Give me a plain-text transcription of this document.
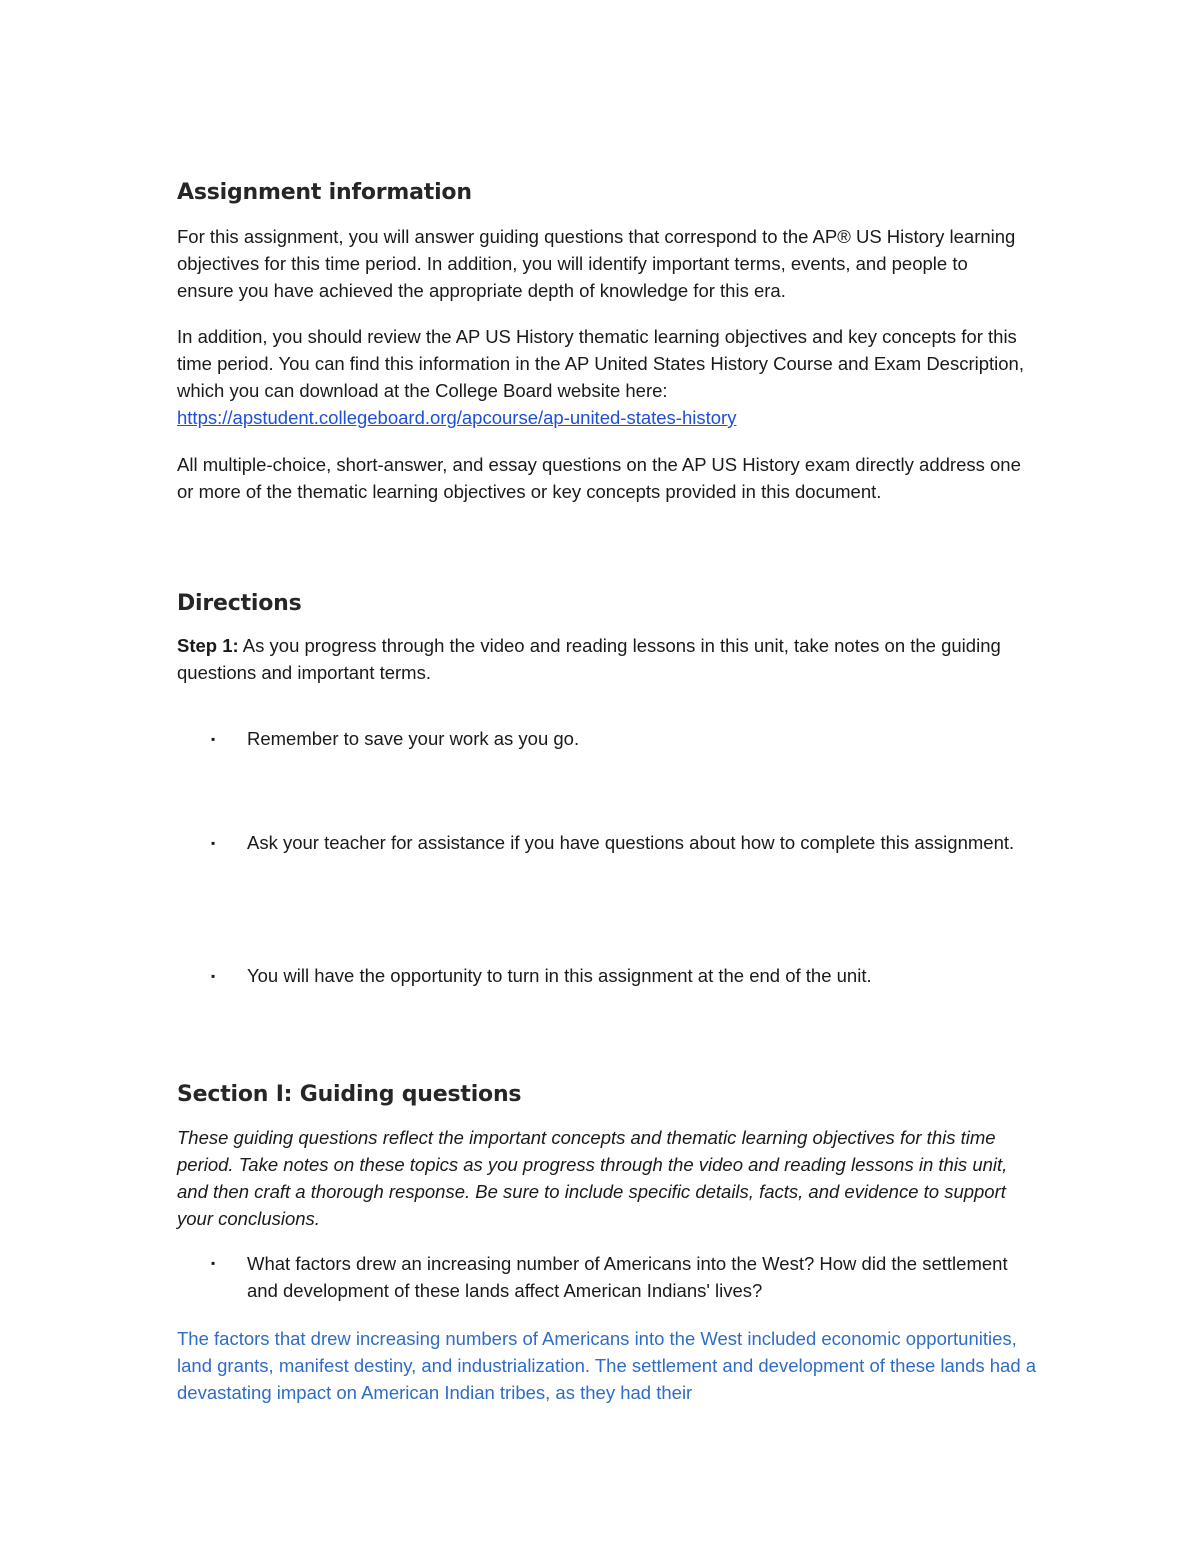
Assignment information

For this assignment, you will answer guiding questions that correspond to the AP® US History learning objectives for this time period. In addition, you will identify important terms, events, and people to ensure you have achieved the appropriate depth of knowledge for this era.

In addition, you should review the AP US History thematic learning objectives and key concepts for this time period. You can find this information in the AP United States History Course and Exam Description, which you can download at the College Board website here:
https://apstudent.collegeboard.org/apcourse/ap-united-states-history

All multiple-choice, short-answer, and essay questions on the AP US History exam directly address one or more of the thematic learning objectives or key concepts provided in this document.

Directions

Step 1: As you progress through the video and reading lessons in this unit, take notes on the guiding questions and important terms.

▪ Remember to save your work as you go.
▪ Ask your teacher for assistance if you have questions about how to complete this assignment.
▪ You will have the opportunity to turn in this assignment at the end of the unit.
Section I: Guiding questions

These guiding questions reflect the important concepts and thematic learning objectives for this time period. Take notes on these topics as you progress through the video and reading lessons in this unit, and then craft a thorough response. Be sure to include specific details, facts, and evidence to support your conclusions.

▪ What factors drew an increasing number of Americans into the West? How did the settlement and development of these lands affect American Indians' lives?

The factors that drew increasing numbers of Americans into the West included economic opportunities, land grants, manifest destiny, and industrialization. The settlement and development of these lands had a devastating impact on American Indian tribes, as they had their
